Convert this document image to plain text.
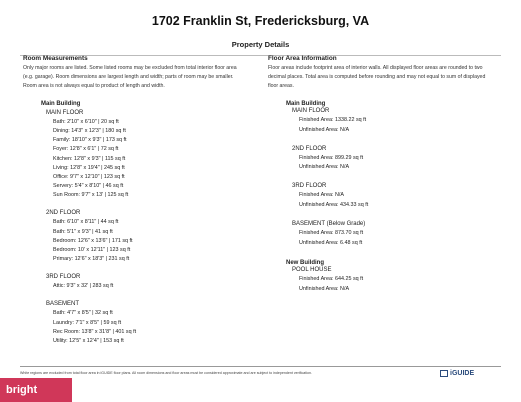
1702 Franklin St, Fredericksburg, VA
Property Details
Room Measurements
Only major rooms are listed. Some listed rooms may be excluded from total interior floor area
(e.g. garage). Room dimensions are largest length and width; parts of room may be smaller.
Room area is not always equal to product of length and width.
Main Building
MAIN FLOOR
Bath: 2'10" x 6'10" | 20 sq ft
Dining: 14'3" x 12'3" | 180 sq ft
Family: 18'10" x 9'3" | 173 sq ft
Foyer: 12'8" x 6'1" | 72 sq ft
Kitchen: 12'8" x 9'3" | 115 sq ft
Living: 12'8" x 19'4" | 245 sq ft
Office: 9'7" x 12'10" | 123 sq ft
Servery: 5'4" x 8'10" | 46 sq ft
Sun Room: 9'7" x 13' | 125 sq ft
2ND FLOOR
Bath: 6'10" x 8'11" | 44 sq ft
Bath: 5'1" x 9'3" | 41 sq ft
Bedroom: 12'6" x 13'6" | 171 sq ft
Bedroom: 10' x 12'11" | 123 sq ft
Primary: 12'6" x 18'3" | 231 sq ft
3RD FLOOR
Attic: 9'3" x 32' | 283 sq ft
BASEMENT
Bath: 4'7" x 8'5" | 32 sq ft
Laundry: 7'1" x 8'5" | 59 sq ft
Rec Room: 13'8" x 31'8" | 401 sq ft
Utility: 12'5" x 12'4" | 153 sq ft
Floor Area Information
Floor areas include footprint area of interior walls. All displayed floor areas are rounded to two
decimal places. Total area is computed before rounding and may not equal to sum of displayed
floor areas.
Main Building
MAIN FLOOR
Finished Area: 1338.22 sq ft
Unfinished Area: N/A
2ND FLOOR
Finished Area: 899.29 sq ft
Unfinished Area: N/A
3RD FLOOR
Finished Area: N/A
Unfinished Area: 434.33 sq ft
BASEMENT (Below Grade)
Finished Area: 873.70 sq ft
Unfinished Area: 6.48 sq ft
New Building
POOL HOUSE
Finished Area: 644.25 sq ft
Unfinished Area: N/A
White regions are excluded from total floor area in iGUIDE floor plans. All room dimensions and floor areas must be considered approximate and are subject to independent verification.	iGUIDE
bright
